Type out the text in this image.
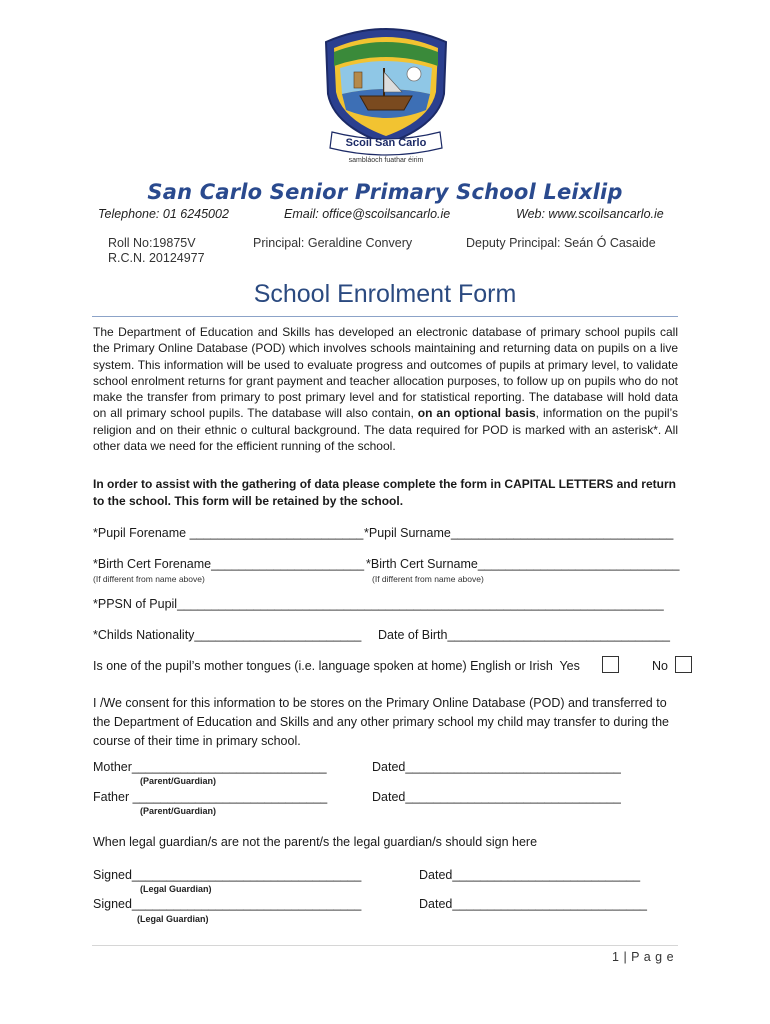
Scoil San Carlo
sambláoch fuathar éirim
San Carlo Senior Primary School Leixlip
Telephone: 01 6245002	Email: office@scoilsancarlo.ie	Web: www.scoilsancarlo.ie
Roll No:19875V
R.C.N. 20124977
Principal: Geraldine Convery	Deputy Principal: Seán Ó Casaide
School Enrolment Form
The Department of Education and Skills has developed an electronic database of primary school pupils call the Primary Online Database (POD) which involves schools maintaining and returning data on pupils on a live system. This information will be used to evaluate progress and outcomes of pupils at primary level, to validate school enrolment returns for grant payment and teacher allocation purposes, to follow up on pupils who do not make the transfer from primary to post primary level and for statistical reporting. The database will hold data on all primary school pupils. The database will also contain, on an optional basis, information on the pupil’s religion and on their ethnic o cultural background. The data required for POD is marked with an asterisk*. All other data we need for the efficient running of the school.
In order to assist with the gathering of data please complete the form in CAPITAL LETTERS and return to the school. This form will be retained by the school.
*Pupil Forename _________________________ *Pupil Surname________________________________
*Birth Cert Forename______________________ *Birth Cert Surname_____________________________
(If different from name above)	(If different from name above)
*PPSN of Pupil______________________________________________________________________
*Childs Nationality________________________ Date of Birth________________________________
Is one of the pupil’s mother tongues (i.e. language spoken at home) English or Irish  Yes	No
I /We consent for this information to be stores on the Primary Online Database (POD) and transferred to the Department of Education and Skills and any other primary school my child may transfer to during the course of their time in primary school.
Mother____________________________
(Parent/Guardian)
Dated_______________________________
Father ____________________________
(Parent/Guardian)
Dated_______________________________
When legal guardian/s are not the parent/s the legal guardian/s should sign here
Signed_________________________________
(Legal Guardian)
Dated___________________________
Signed_________________________________
(Legal Guardian)
Dated____________________________
1 | P a g e
